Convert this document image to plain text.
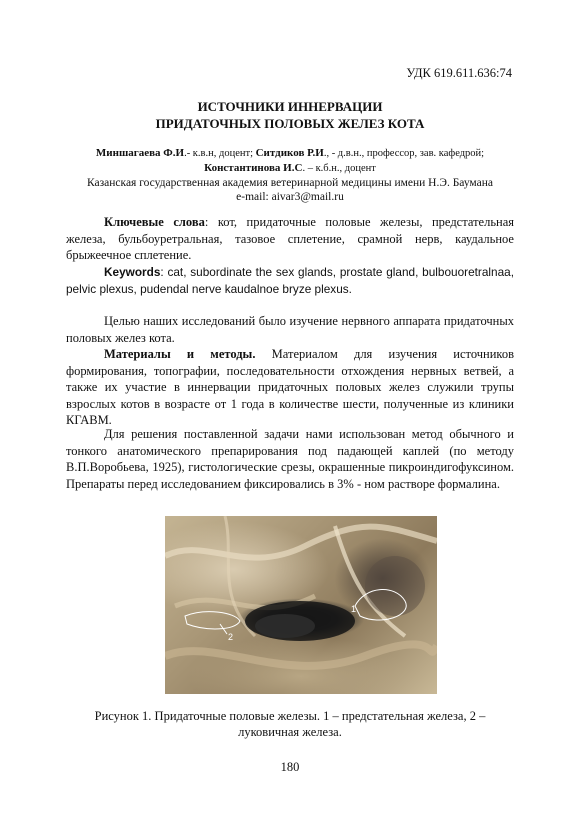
УДК 619.611.636:74
ИСТОЧНИКИ ИННЕРВАЦИИ
ПРИДАТОЧНЫХ ПОЛОВЫХ ЖЕЛЕЗ КОТА
Миншагаева Ф.И.- к.в.н, доцент; Ситдиков Р.И., - д.в.н., профессор, зав. кафедрой;
Константинова И.С. – к.б.н., доцент
Казанская государственная академия ветеринарной медицины имени Н.Э. Баумана
e-mail: aivar3@mail.ru
Ключевые слова: кот, придаточные половые железы, предстательная железа, бульбоуретральная, тазовое сплетение, срамной нерв, каудальное брыжеечное сплетение.
Keywords: cat, subordinate the sex glands, prostate gland, bulbouoretralnaa, pelvic plexus, pudendal nerve kaudalnoe bryze plexus.
Целью наших исследований было изучение нервного аппарата придаточных половых желез кота.
Материалы и методы. Материалом для изучения источников формирования, топографии, последовательности отхождения нервных ветвей, а также их участие в иннервации придаточных половых желез служили трупы взрослых котов в возрасте от 1 года в количестве шести, полученные из клиники КГАВМ.
Для решения поставленной задачи нами использован метод обычного и тонкого анатомического препарирования под падающей каплей (по методу В.П.Воробьева, 1925), гистологические срезы, окрашенные пикроиндигофуксином. Препараты перед исследованием фиксировались в 3% - ном растворе формалина.
1
2
Рисунок 1. Придаточные половые железы. 1 – предстательная железа, 2 – луковичная железа.
180
